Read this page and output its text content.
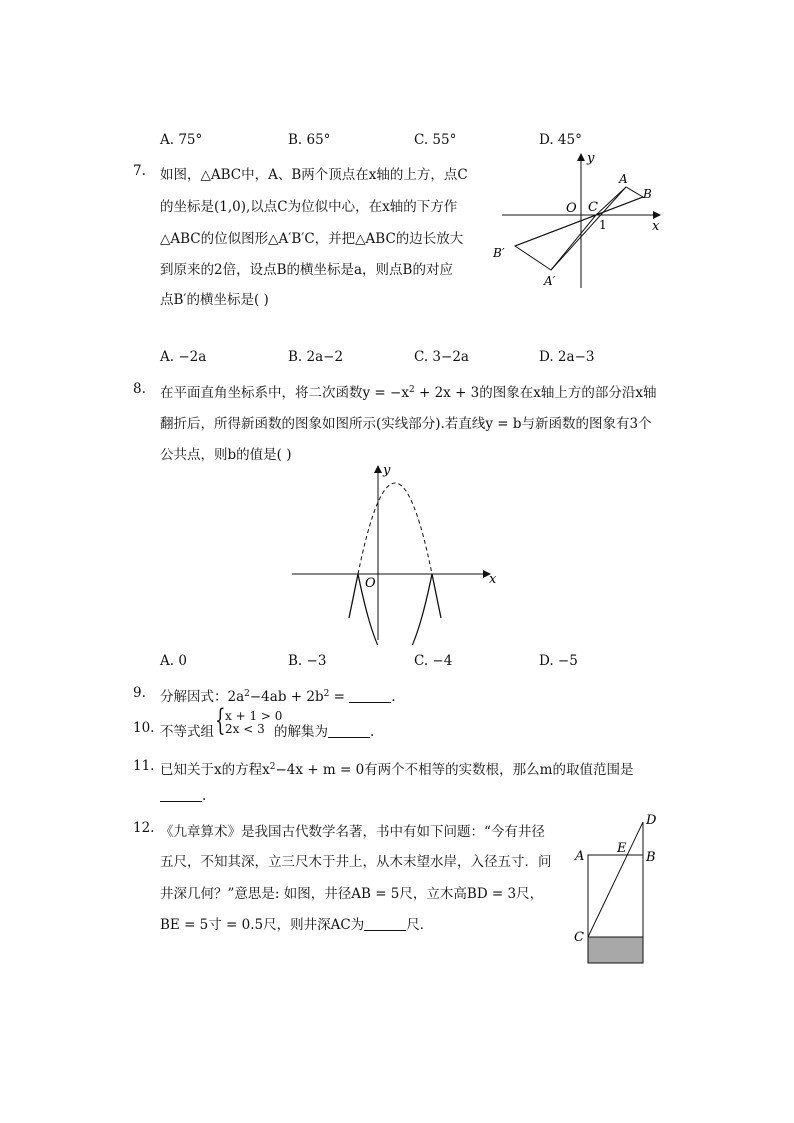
A. 75°	B. 65°	C. 55°	D. 45°
7. 如图，△ABC中，A、B两个顶点在x轴的上方，点C
的坐标是(1,0),以点C为位似中心，在x轴的下方作
△ABC的位似图形△A′B′C，并把△ABC的边长放大
到原来的2倍，设点B的横坐标是a，则点B的对应
点B′的横坐标是( )
y
x
O C
1
A
B
B′
A′
A. −2a	B. 2a−2	C. 3−2a	D. 2a−3
8. 在平面直角坐标系中，将二次函数$y = -x^2 + 2x + 3$的图象在x轴上方的部分沿x轴
翻折后，所得新函数的图象如图所示(实线部分).若直线y = b与新函数的图象有3个
公共点，则b的值是( )
y
x
O
A. 0	B. −3	C. −4	D. −5
9. 分解因式：$2a^2-4ab + 2b^2$ =	.
10. 不等式组 { x + 1 > 0
2x < 3 的解集为	.
11. 已知关于x的方程$x^2-4x + m = 0$有两个不相等的实数根，那么m的取值范围是
.
12. 《九章算术》是我国古代数学名著，书中有如下问题：“今有井径
五尺，不知其深，立三尺木于井上，从木末望水岸，入径五寸．问
井深几何？”意思是: 如图，井径AB = 5尺，立木高BD = 3尺，
BE = 5寸 = 0.5尺，则井深AC为	尺．
D
E
A	B
C
